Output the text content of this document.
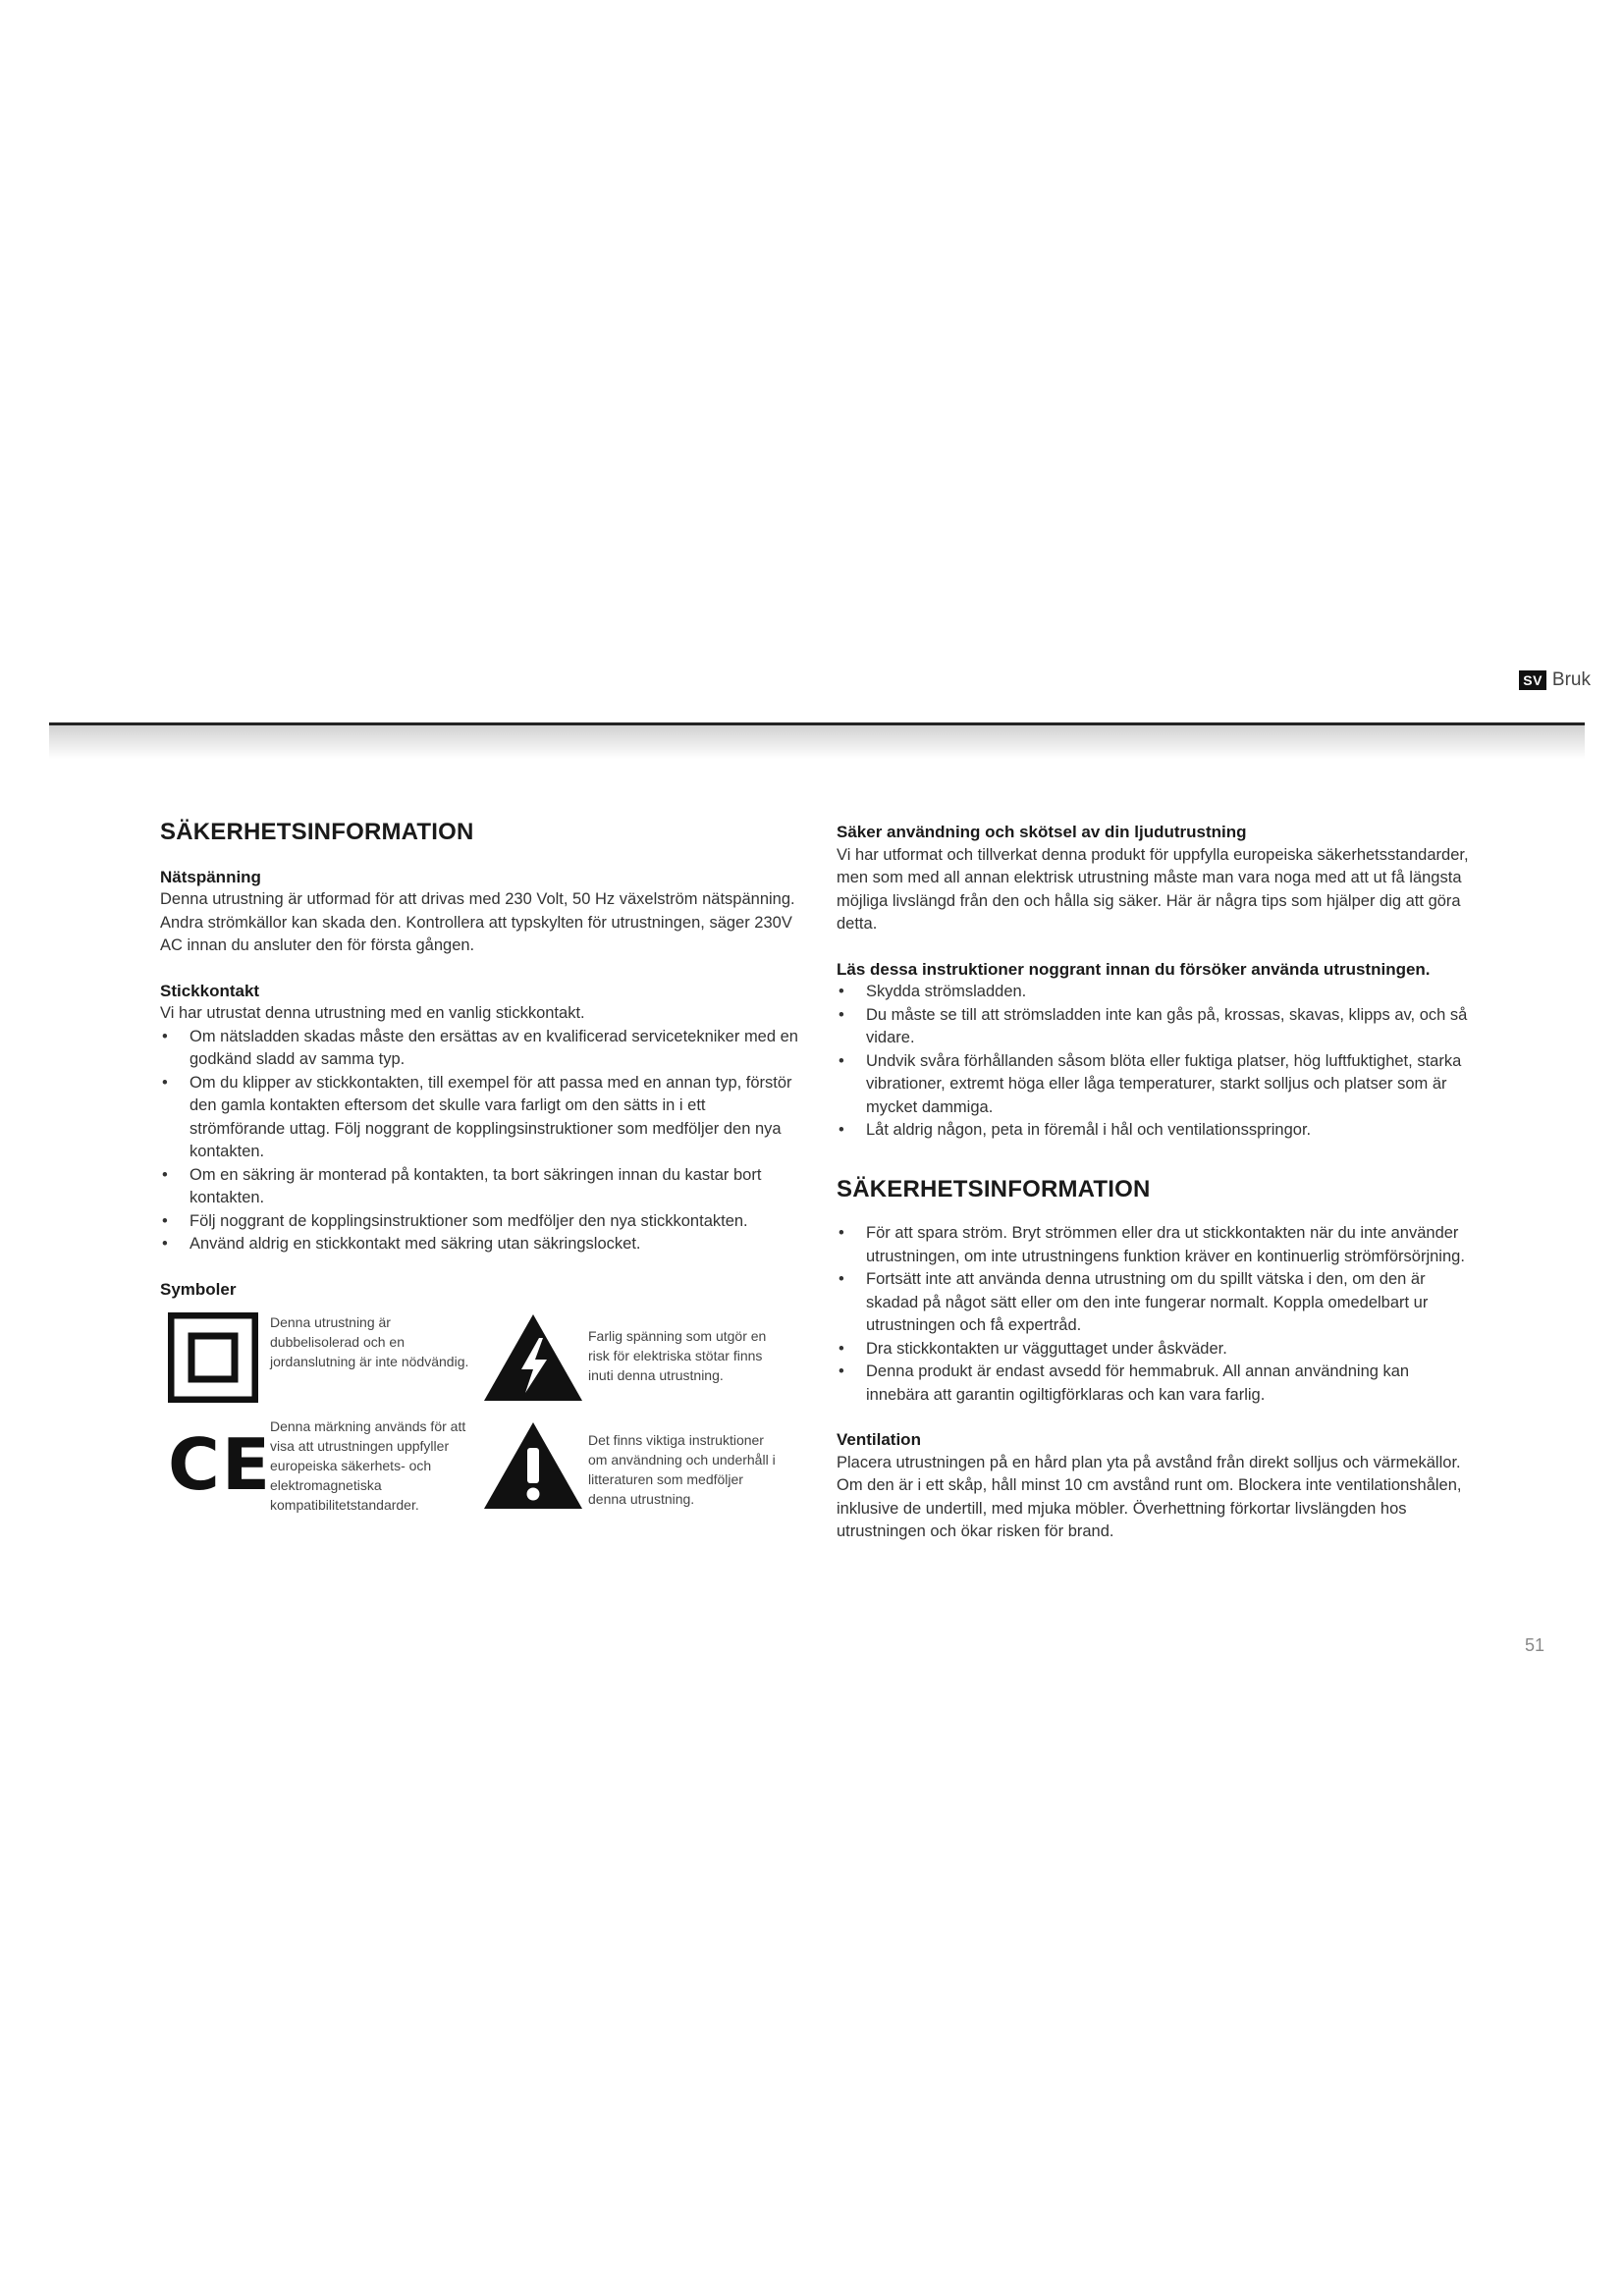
SV Bruk
SÄKERHETSINFORMATION
Nätspänning

Denna utrustning är utformad för att drivas med 230 Volt, 50 Hz växelström nätspänning. Andra strömkällor kan skada den. Kontrollera att typskylten för utrustningen, säger 230V AC innan du ansluter den för första gången.

Stickkontakt

Vi har utrustat denna utrustning med en vanlig stickkontakt.

• Om nätsladden skadas måste den ersättas av en kvalificerad servicetekniker med en godkänd sladd av samma typ.
• Om du klipper av stickkontakten, till exempel för att passa med en annan typ, förstör den gamla kontakten eftersom det skulle vara farligt om den sätts in i ett strömförande uttag. Följ noggrant de kopplingsinstruktioner som medföljer den nya kontakten.
• Om en säkring är monterad på kontakten, ta bort säkringen innan du kastar bort kontakten.
• Följ noggrant de kopplingsinstruktioner som medföljer den nya stickkontakten.
• Använd aldrig en stickkontakt med säkring utan säkringslocket.
Symboler
Denna utrustning är dubbelisolerad och en jordanslutning är inte nödvändig.
Farlig spänning som utgör en risk för elektriska stötar finns inuti denna utrustning.
CE
Denna märkning används för att visa att utrustningen uppfyller europeiska säkerhets- och elektromagnetiska kompatibilitetstandarder.
Det finns viktiga instruktioner om användning och underhåll i litteraturen som medföljer denna utrustning.
Säker användning och skötsel av din ljudutrustning

Vi har utformat och tillverkat denna produkt för uppfylla europeiska säkerhetsstandarder, men som med all annan elektrisk utrustning måste man vara noga med att ut få längsta möjliga livslängd från den och hålla sig säker. Här är några tips som hjälper dig att göra detta.

Läs dessa instruktioner noggrant innan du försöker använda utrustningen.
• Skydda strömsladden.
• Du måste se till att strömsladden inte kan gås på, krossas, skavas, klipps av, och så vidare.
• Undvik svåra förhållanden såsom blöta eller fuktiga platser, hög luftfuktighet, starka vibrationer, extremt höga eller låga temperaturer, starkt solljus och platser som är mycket dammiga.
• Låt aldrig någon, peta in föremål i hål och ventilationsspringor.
SÄKERHETSINFORMATION
• För att spara ström. Bryt strömmen eller dra ut stickkontakten när du inte använder utrustningen, om inte utrustningens funktion kräver en kontinuerlig strömförsörjning.
• Fortsätt inte att använda denna utrustning om du spillt vätska i den, om den är skadad på något sätt eller om den inte fungerar normalt. Koppla omedelbart ur utrustningen och få expertråd.
• Dra stickkontakten ur vägguttaget under åskväder.
• Denna produkt är endast avsedd för hemmabruk. All annan användning kan innebära att garantin ogiltigförklaras och kan vara farlig.
Ventilation

Placera utrustningen på en hård plan yta på avstånd från direkt solljus och värmekällor. Om den är i ett skåp, håll minst 10 cm avstånd runt om. Blockera inte ventilationshålen, inklusive de undertill, med mjuka möbler. Överhettning förkortar livslängden hos utrustningen och ökar risken för brand.

51
